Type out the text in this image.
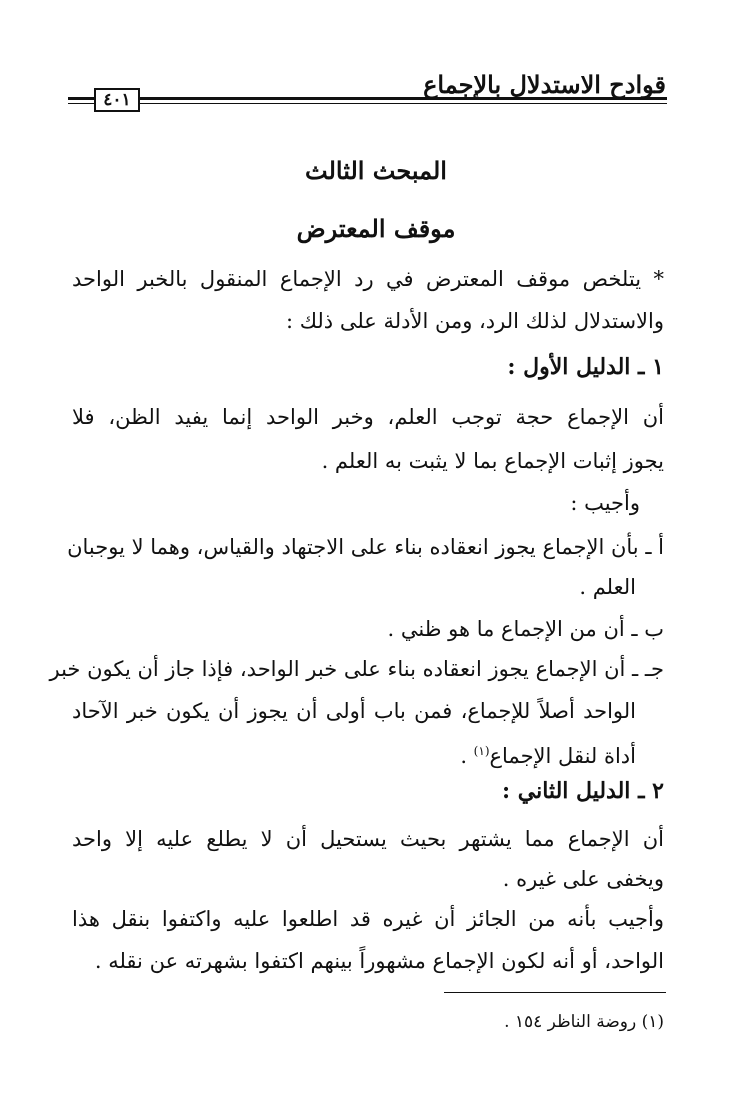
قوادح الاستدلال بالإجماع
٤٠١
المبحث الثالث
موقف المعترض
* يتلخص موقف المعترض في رد الإجماع المنقول بالخبر الواحد
والاستدلال لذلك الرد، ومن الأدلة على ذلك :
١ ـ الدليل الأول :
أن الإجماع حجة توجب العلم، وخبر الواحد إنما يفيد الظن، فلا
يجوز إثبات الإجماع بما لا يثبت به العلم .
وأجيب :
أ ـ بأن الإجماع يجوز انعقاده بناء على الاجتهاد والقياس، وهما لا يوجبان
العلم .
ب ـ أن من الإجماع ما هو ظني .
جـ ـ أن الإجماع يجوز انعقاده بناء على خبر الواحد، فإذا جاز أن يكون خبر
الواحد أصلاً للإجماع، فمن باب أولى أن يجوز أن يكون خبر الآحاد
أداة لنقل الإجماع$^{(١)}$ .
٢ ـ الدليل الثاني :
أن الإجماع مما يشتهر بحيث يستحيل أن لا يطلع عليه إلا واحد
ويخفى على غيره .
وأجيب بأنه من الجائز أن غيره قد اطلعوا عليه واكتفوا بنقل هذا
الواحد، أو أنه لكون الإجماع مشهوراً بينهم اكتفوا بشهرته عن نقله .
(١) روضة الناظر ١٥٤ .
